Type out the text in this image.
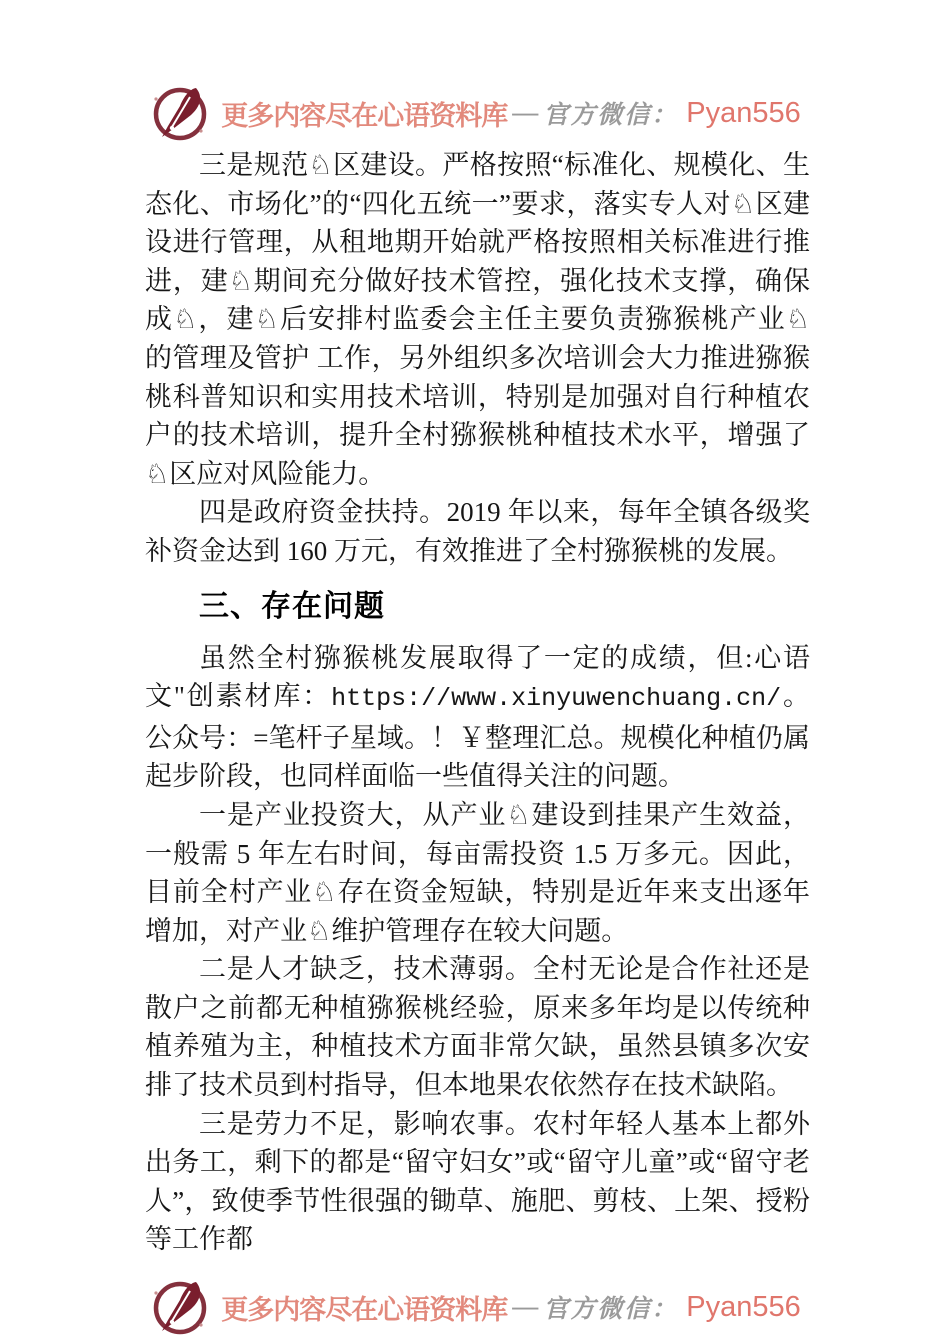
更多内容尽在心语资料库 — 官方微信： Pyan556

三是规范♘区建设。严格按照“标准化、规模化、生态化、市场化”的“四化五统一”要求，落实专人对♘区建设进行管理，从租地期开始就严格按照相关标准进行推进，建♘期间充分做好技术管控，强化技术支撑，确保成♘，建♘后安排村监委会主任主要负责猕猴桃产业♘的管理及管护 工作，另外组织多次培训会大力推进猕猴桃科普知识和实用技术培训，特别是加强对自行种植农户的技术培训，提升全村猕猴桃种植技术水平，增强了♘区应对风险能力。

四是政府资金扶持。2019 年以来，每年全镇各级奖补资金达到 160 万元，有效推进了全村猕猴桃的发展。

三、存在问题

虽然全村猕猴桃发展取得了一定的成绩，但:心语文"创素材库：https://www.xinyuwenchuang.cn/。公众号：=笔杆子星域。！￥整理汇总。规模化种植仍属起步阶段，也同样面临一些值得关注的问题。

一是产业投资大，从产业♘建设到挂果产生效益，一般需 5 年左右时间，每亩需投资 1.5 万多元。因此，目前全村产业♘存在资金短缺，特别是近年来支出逐年增加，对产业♘维护管理存在较大问题。

二是人才缺乏，技术薄弱。全村无论是合作社还是散户之前都无种植猕猴桃经验，原来多年均是以传统种植养殖为主，种植技术方面非常欠缺，虽然县镇多次安排了技术员到村指导，但本地果农依然存在技术缺陷。

三是劳力不足，影响农事。农村年轻人基本上都外出务工，剩下的都是“留守妇女”或“留守儿童”或“留守老人”，致使季节性很强的锄草、施肥、剪枝、上架、授粉等工作都

更多内容尽在心语资料库 — 官方微信： Pyan556
